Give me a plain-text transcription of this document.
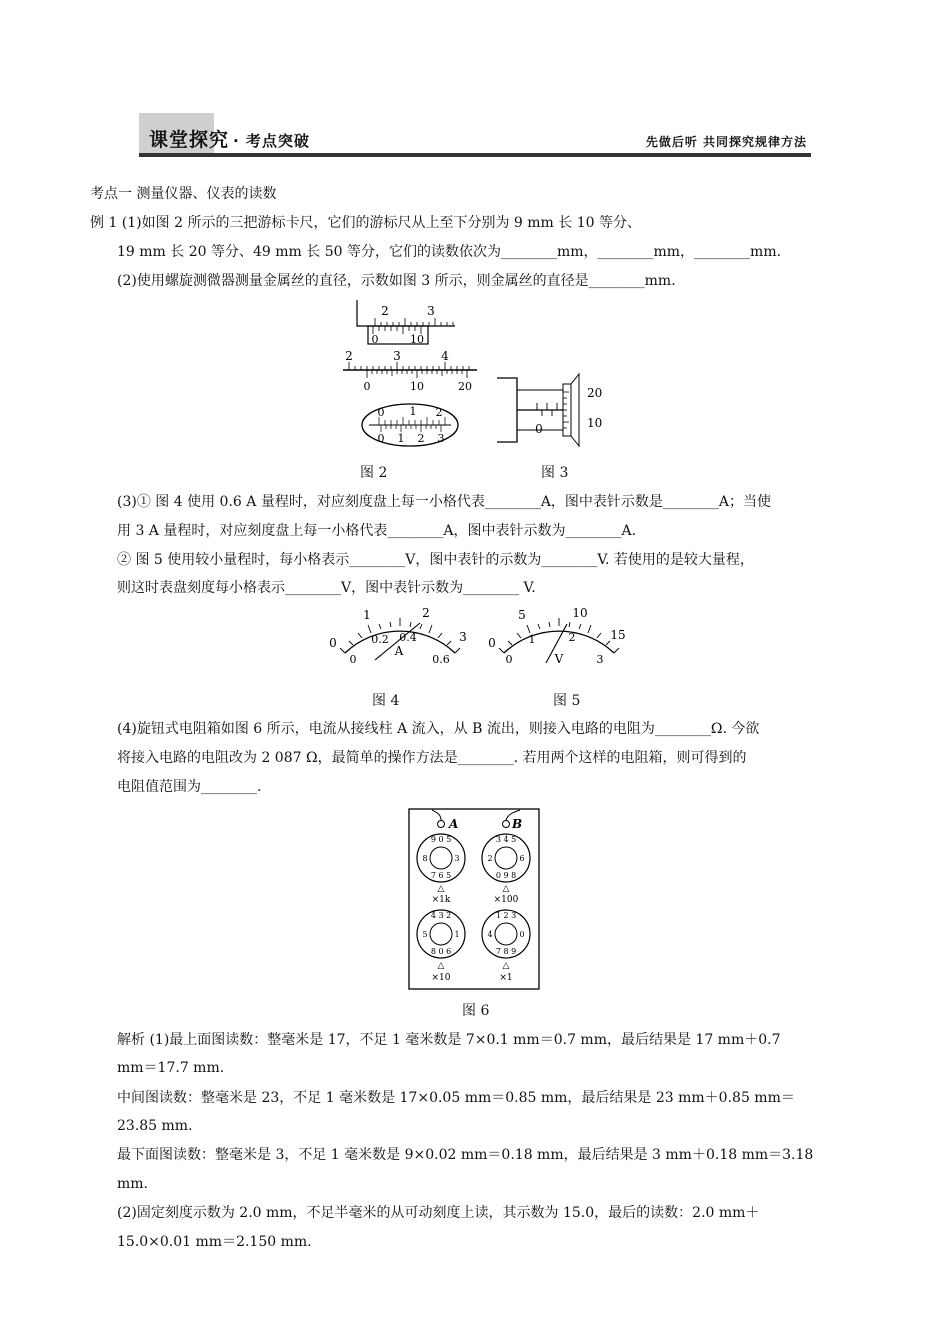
课堂探究 · 考点突破	先做后听 共同探究规律方法
考点一 测量仪器、仪表的读数
例 1 (1)如图 2 所示的三把游标卡尺，它们的游标尺从上至下分别为 9 mm 长 10 等分、
19 mm 长 20 等分、49 mm 长 50 等分，它们的读数依次为________mm，________mm，________mm.
(2)使用螺旋测微器测量金属丝的直径，示数如图 3 所示，则金属丝的直径是________mm.
2	3
0	10
2	3	4
0	10	20
0 1 2
0 1 2 3
0
20
10
图 2	图 3
(3)① 图 4 使用 0.6 A 量程时，对应刻度盘上每一小格代表________A，图中表针示数是________A；当使
用 3 A 量程时，对应刻度盘上每一小格代表________A，图中表针示数为________A.
② 图 5 使用较小量程时，每小格表示________V，图中表针的示数为________V. 若使用的是较大量程，
则这时表盘刻度每小格表示________V，图中表针示数为________ V.
1	2
0.2 0.4
0	3
0	0.6
A
5	10
1	2
0
15
0	3
V
图 4	图 5
(4)旋钮式电阻箱如图 6 所示，电流从接线柱 A 流入，从 B 流出，则接入电路的电阻为________Ω. 今欲
将接入电路的电阻改为 2 087 Ω，最简单的操作方法是________. 若用两个这样的电阻箱，则可得到的
电阻值范围为________.
A	B
9 0 5
7 6 5
8	3
3 4 5
0 9 8
2	6
△	△
×1k	×100
4 3 2
8 0 6
5	1
1 2 3
7 8 9
4	0
△	△
×10	×1
图 6
解析 (1)最上面图读数：整毫米是 17，不足 1 毫米数是 7×0.1 mm＝0.7 mm，最后结果是 17 mm＋0.7
mm＝17.7 mm.
中间图读数：整毫米是 23，不足 1 毫米数是 17×0.05 mm＝0.85 mm，最后结果是 23 mm＋0.85 mm＝
23.85 mm.
最下面图读数：整毫米是 3，不足 1 毫米数是 9×0.02 mm＝0.18 mm，最后结果是 3 mm＋0.18 mm＝3.18
mm.
(2)固定刻度示数为 2.0 mm，不足半毫米的从可动刻度上读，其示数为 15.0，最后的读数：2.0 mm＋
15.0×0.01 mm＝2.150 mm.
